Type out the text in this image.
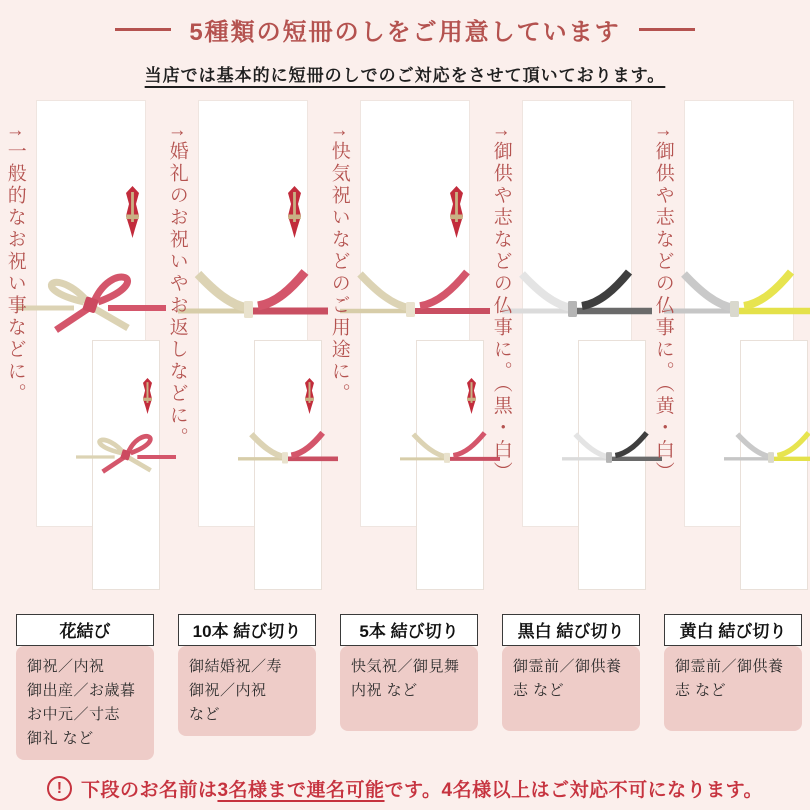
5種類の短冊のしをご用意しています
当店では基本的に短冊のしでのご対応をさせて頂いております。
→一般的なお祝い事などに。
花結び
御祝／内祝
御出産／お歳暮
お中元／寸志
御礼 など
→婚礼のお祝いやお返しなどに。
10本 結び切り
御結婚祝／寿
御祝／内祝
など
→快気祝いなどのご用途に。
5本 結び切り
快気祝／御見舞
内祝 など
→御供や志などの仏事に。（黒・白）
黒白 結び切り
御霊前／御供養
志 など
→御供や志などの仏事に。（黄・白）
黄白 結び切り
御霊前／御供養
志 など
! 下段のお名前は3名様まで連名可能です。4名様以上はご対応不可になります。
